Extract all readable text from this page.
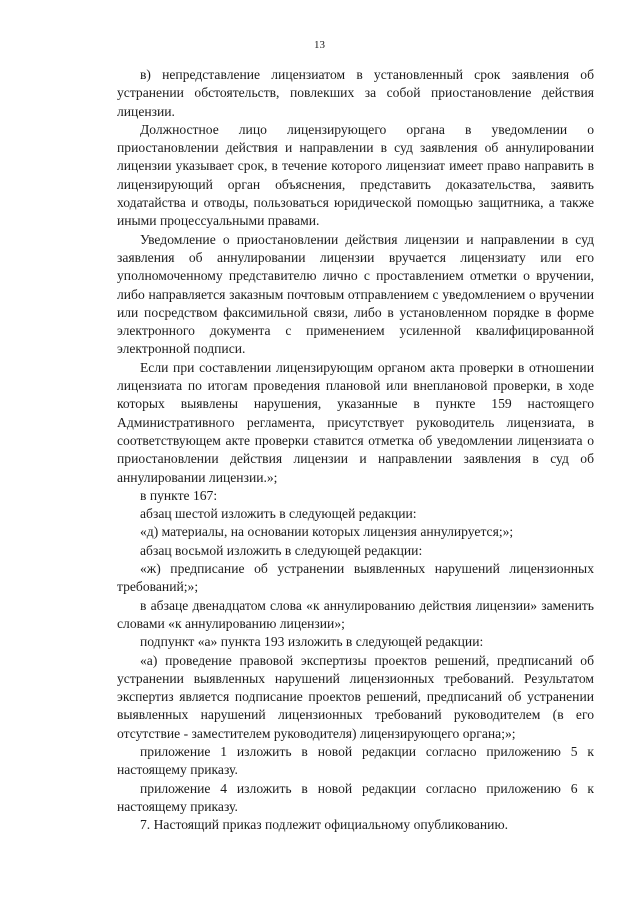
13

в) непредставление лицензиатом в установленный срок заявления об устранении обстоятельств, повлекших за собой приостановление действия лицензии.

Должностное лицо лицензирующего органа в уведомлении о приостановлении действия и направлении в суд заявления об аннулировании лицензии указывает срок, в течение которого лицензиат имеет право направить в лицензирующий орган объяснения, представить доказательства, заявить ходатайства и отводы, пользоваться юридической помощью защитника, а также иными процессуальными правами.

Уведомление о приостановлении действия лицензии и направлении в суд заявления об аннулировании лицензии вручается лицензиату или его уполномоченному представителю лично с проставлением отметки о вручении, либо направляется заказным почтовым отправлением с уведомлением о вручении или посредством факсимильной связи, либо в установленном порядке в форме электронного документа с применением усиленной квалифицированной электронной подписи.

Если при составлении лицензирующим органом акта проверки в отношении лицензиата по итогам проведения плановой или внеплановой проверки, в ходе которых выявлены нарушения, указанные в пункте 159 настоящего Административного регламента, присутствует руководитель лицензиата, в соответствующем акте проверки ставится отметка об уведомлении лицензиата о приостановлении действия лицензии и направлении заявления в суд об аннулировании лицензии.»;

в пункте 167:

абзац шестой изложить в следующей редакции:

«д) материалы, на основании которых лицензия аннулируется;»;

абзац восьмой изложить в следующей редакции:

«ж) предписание об устранении выявленных нарушений лицензионных требований;»;

в абзаце двенадцатом слова «к аннулированию действия лицензии» заменить словами «к аннулированию лицензии»;

подпункт «а» пункта 193 изложить в следующей редакции:

«а) проведение правовой экспертизы проектов решений, предписаний об устранении выявленных нарушений лицензионных требований. Результатом экспертиз является подписание проектов решений, предписаний об устранении выявленных нарушений лицензионных требований руководителем (в его отсутствие - заместителем руководителя) лицензирующего органа;»;

приложение 1 изложить в новой редакции согласно приложению 5 к настоящему приказу.

приложение 4 изложить в новой редакции согласно приложению 6 к настоящему приказу.

7. Настоящий приказ подлежит официальному опубликованию.
